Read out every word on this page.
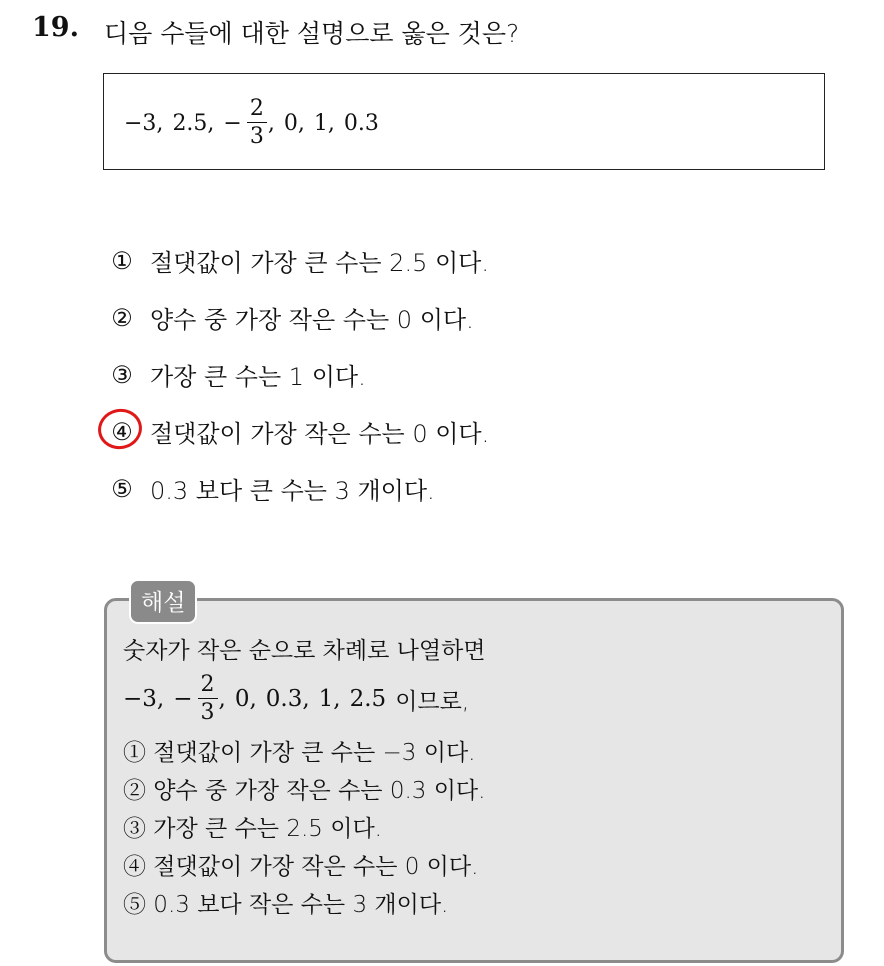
19. 디음 수들에 대한 설명으로 옳은 것은?
−3, 2.5, − $\frac{2}{3}$ , 0, 1, 0.3
① 절댓값이 가장 큰 수는 2.5 이다.
② 양수 중 가장 작은 수는 0 이다.
③ 가장 큰 수는 1 이다.
④ 절댓값이 가장 작은 수는 0 이다.
⑤ 0.3 보다 큰 수는 3 개이다.
숫자가 작은 순으로 차례로 나열하면
−3, − $\frac{2}{3}$ , 0, 0.3, 1, 2.5 이므로,
① 절댓값이 가장 큰 수는 −3 이다.
② 양수 중 가장 작은 수는 0.3 이다.
③ 가장 큰 수는 2.5 이다.
④ 절댓값이 가장 작은 수는 0 이다.
⑤ 0.3 보다 작은 수는 3 개이다.
해설
